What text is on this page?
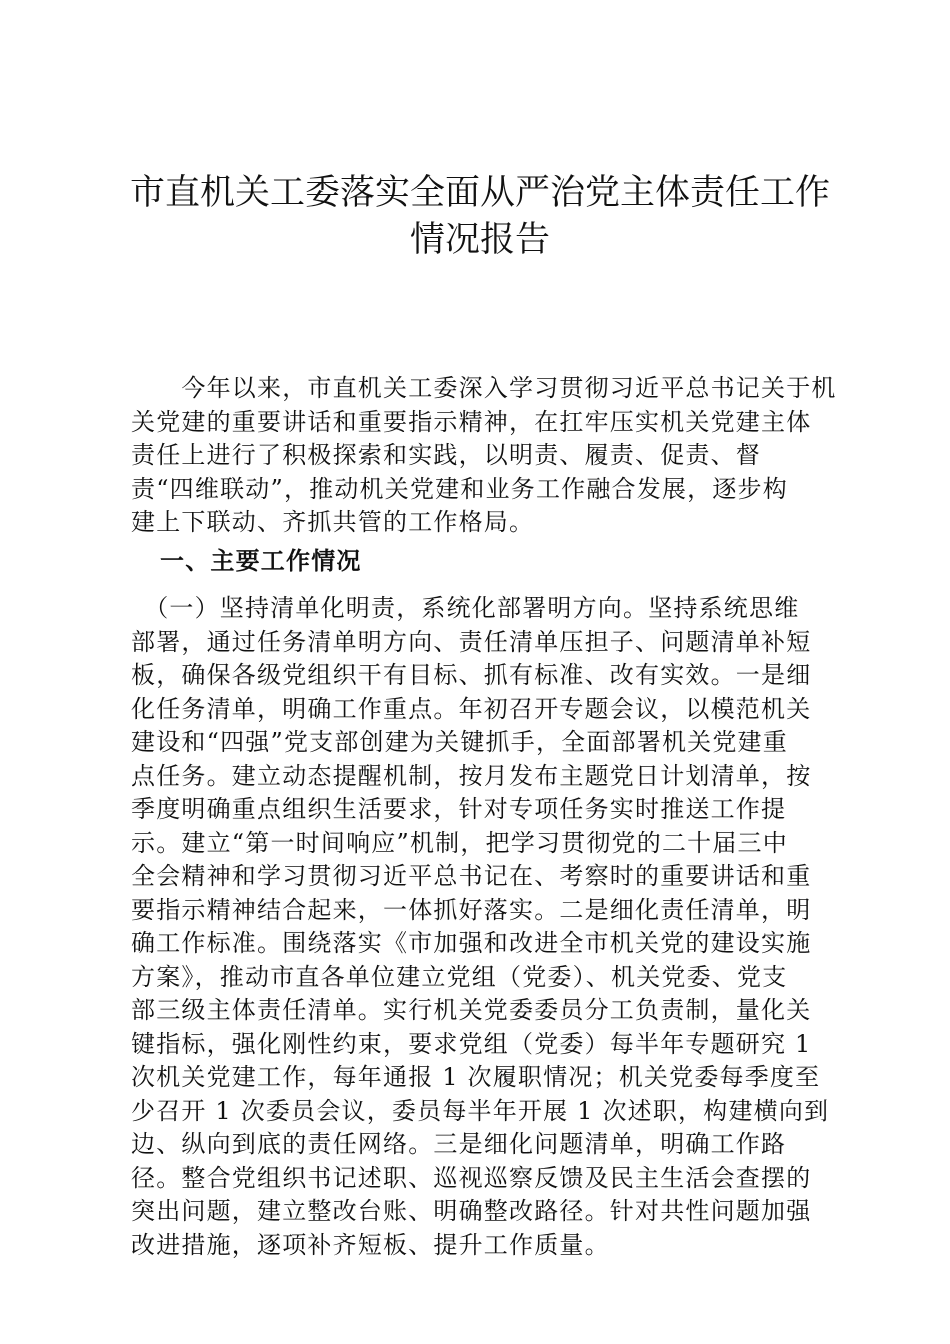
市直机关工委落实全面从严治党主体责任工作
情况报告

　　今年以来，市直机关工委深入学习贯彻习近平总书记关于机
关党建的重要讲话和重要指示精神，在扛牢压实机关党建主体
责任上进行了积极探索和实践，以明责、履责、促责、督
责“四维联动”，推动机关党建和业务工作融合发展，逐步构
建上下联动、齐抓共管的工作格局。

一、主要工作情况

　（一）坚持清单化明责，系统化部署明方向。坚持系统思维
部署，通过任务清单明方向、责任清单压担子、问题清单补短
板，确保各级党组织干有目标、抓有标准、改有实效。一是细
化任务清单，明确工作重点。年初召开专题会议，以模范机关
建设和“四强”党支部创建为关键抓手，全面部署机关党建重
点任务。建立动态提醒机制，按月发布主题党日计划清单，按
季度明确重点组织生活要求，针对专项任务实时推送工作提
示。建立“第一时间响应”机制，把学习贯彻党的二十届三中
全会精神和学习贯彻习近平总书记在、考察时的重要讲话和重
要指示精神结合起来，一体抓好落实。二是细化责任清单，明
确工作标准。围绕落实《市加强和改进全市机关党的建设实施
方案》，推动市直各单位建立党组（党委）、机关党委、党支
部三级主体责任清单。实行机关党委委员分工负责制，量化关
键指标，强化刚性约束，要求党组（党委）每半年专题研究 1
次机关党建工作，每年通报 1 次履职情况；机关党委每季度至
少召开 1 次委员会议，委员每半年开展 1 次述职，构建横向到
边、纵向到底的责任网络。三是细化问题清单，明确工作路
径。整合党组织书记述职、巡视巡察反馈及民主生活会查摆的
突出问题，建立整改台账、明确整改路径。针对共性问题加强
改进措施，逐项补齐短板、提升工作质量。
